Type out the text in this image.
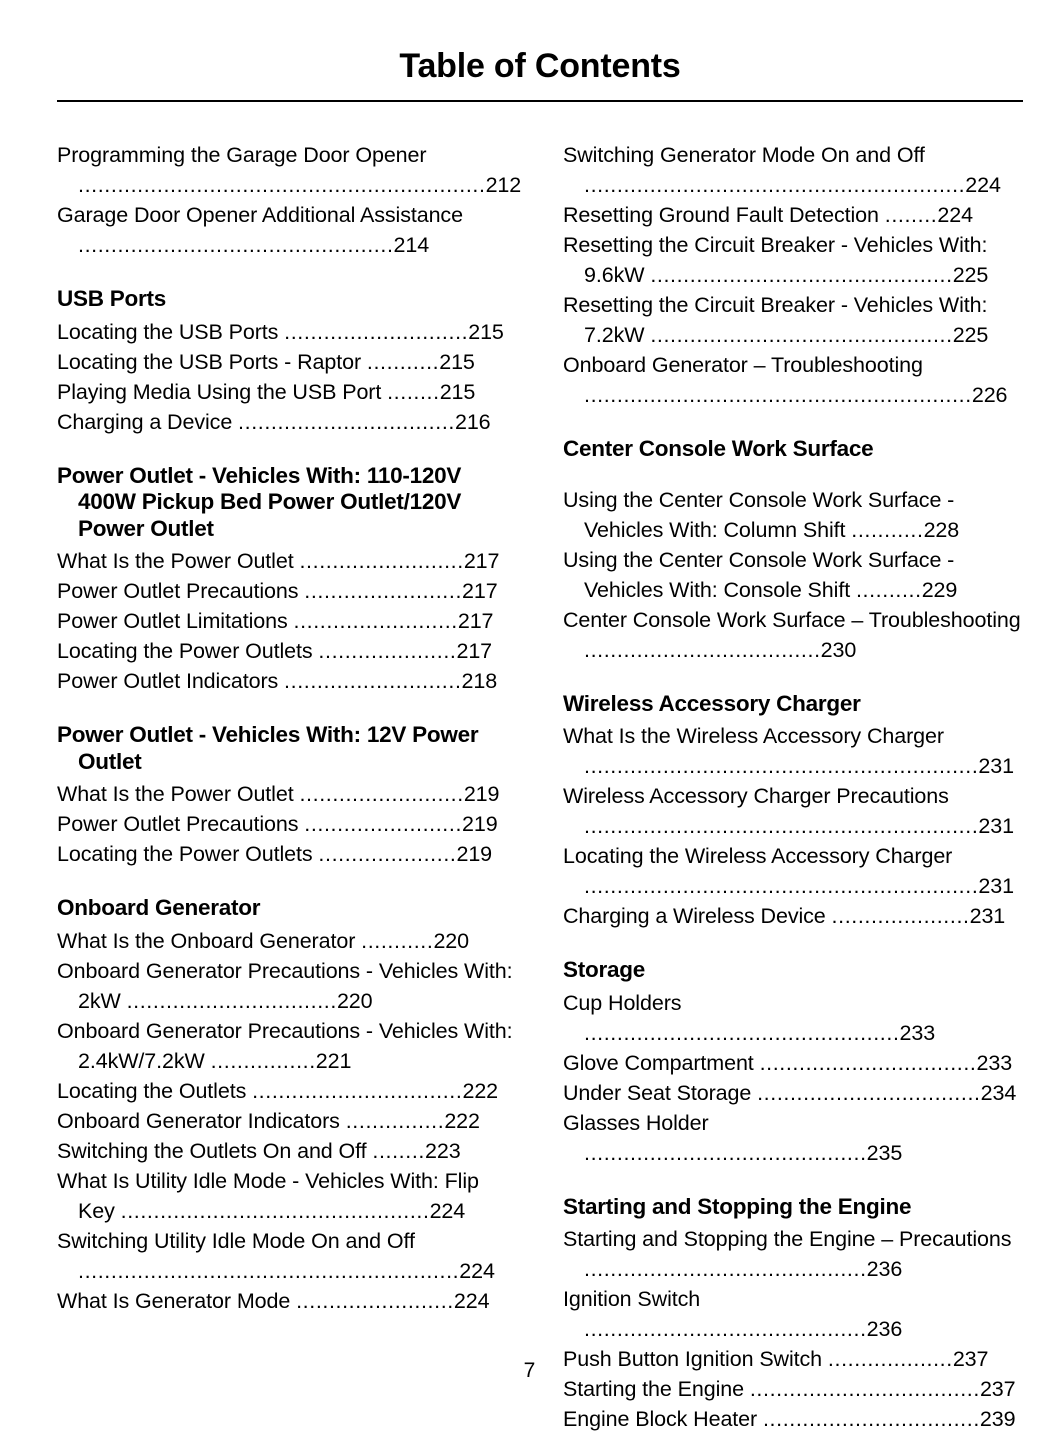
Table of Contents
Programming the Garage Door Opener ..............................................................212
Garage Door Opener Additional Assistance ................................................214
USB Ports
Locating the USB Ports ............................215
Locating the USB Ports - Raptor ...........215
Playing Media Using the USB Port ........215
Charging a Device .................................216
Power Outlet - Vehicles With: 110-120V 400W Pickup Bed Power Outlet/120V Power Outlet
What Is the Power Outlet .........................217
Power Outlet Precautions ........................217
Power Outlet Limitations .........................217
Locating the Power Outlets .....................217
Power Outlet Indicators ...........................218
Power Outlet - Vehicles With: 12V Power Outlet
What Is the Power Outlet .........................219
Power Outlet Precautions ........................219
Locating the Power Outlets .....................219
Onboard Generator
What Is the Onboard Generator ...........220
Onboard Generator Precautions - Vehicles With: 2kW ................................220
Onboard Generator Precautions - Vehicles With: 2.4kW/7.2kW ................221
Locating the Outlets ................................222
Onboard Generator Indicators ...............222
Switching the Outlets On and Off ........223
What Is Utility Idle Mode - Vehicles With: Flip Key ...............................................224
Switching Utility Idle Mode On and Off ..........................................................224
What Is Generator Mode ........................224
Switching Generator Mode On and Off ..........................................................224
Resetting Ground Fault Detection ........224
Resetting the Circuit Breaker - Vehicles With: 9.6kW ..............................................225
Resetting the Circuit Breaker - Vehicles With: 7.2kW ..............................................225
Onboard Generator – Troubleshooting ...........................................................226
Center Console Work Surface
Using the Center Console Work Surface - Vehicles With: Column Shift ...........228
Using the Center Console Work Surface - Vehicles With: Console Shift ..........229
Center Console Work Surface – Troubleshooting ....................................230
Wireless Accessory Charger
What Is the Wireless Accessory Charger ............................................................231
Wireless Accessory Charger Precautions ............................................................231
Locating the Wireless Accessory Charger ............................................................231
Charging a Wireless Device .....................231
Storage
Cup Holders ................................................233
Glove Compartment .................................233
Under Seat Storage ..................................234
Glasses Holder ...........................................235
Starting and Stopping the Engine
Starting and Stopping the Engine – Precautions ...........................................236
Ignition Switch ...........................................236
Push Button Ignition Switch ...................237
Starting the Engine ...................................237
Engine Block Heater .................................239
7
